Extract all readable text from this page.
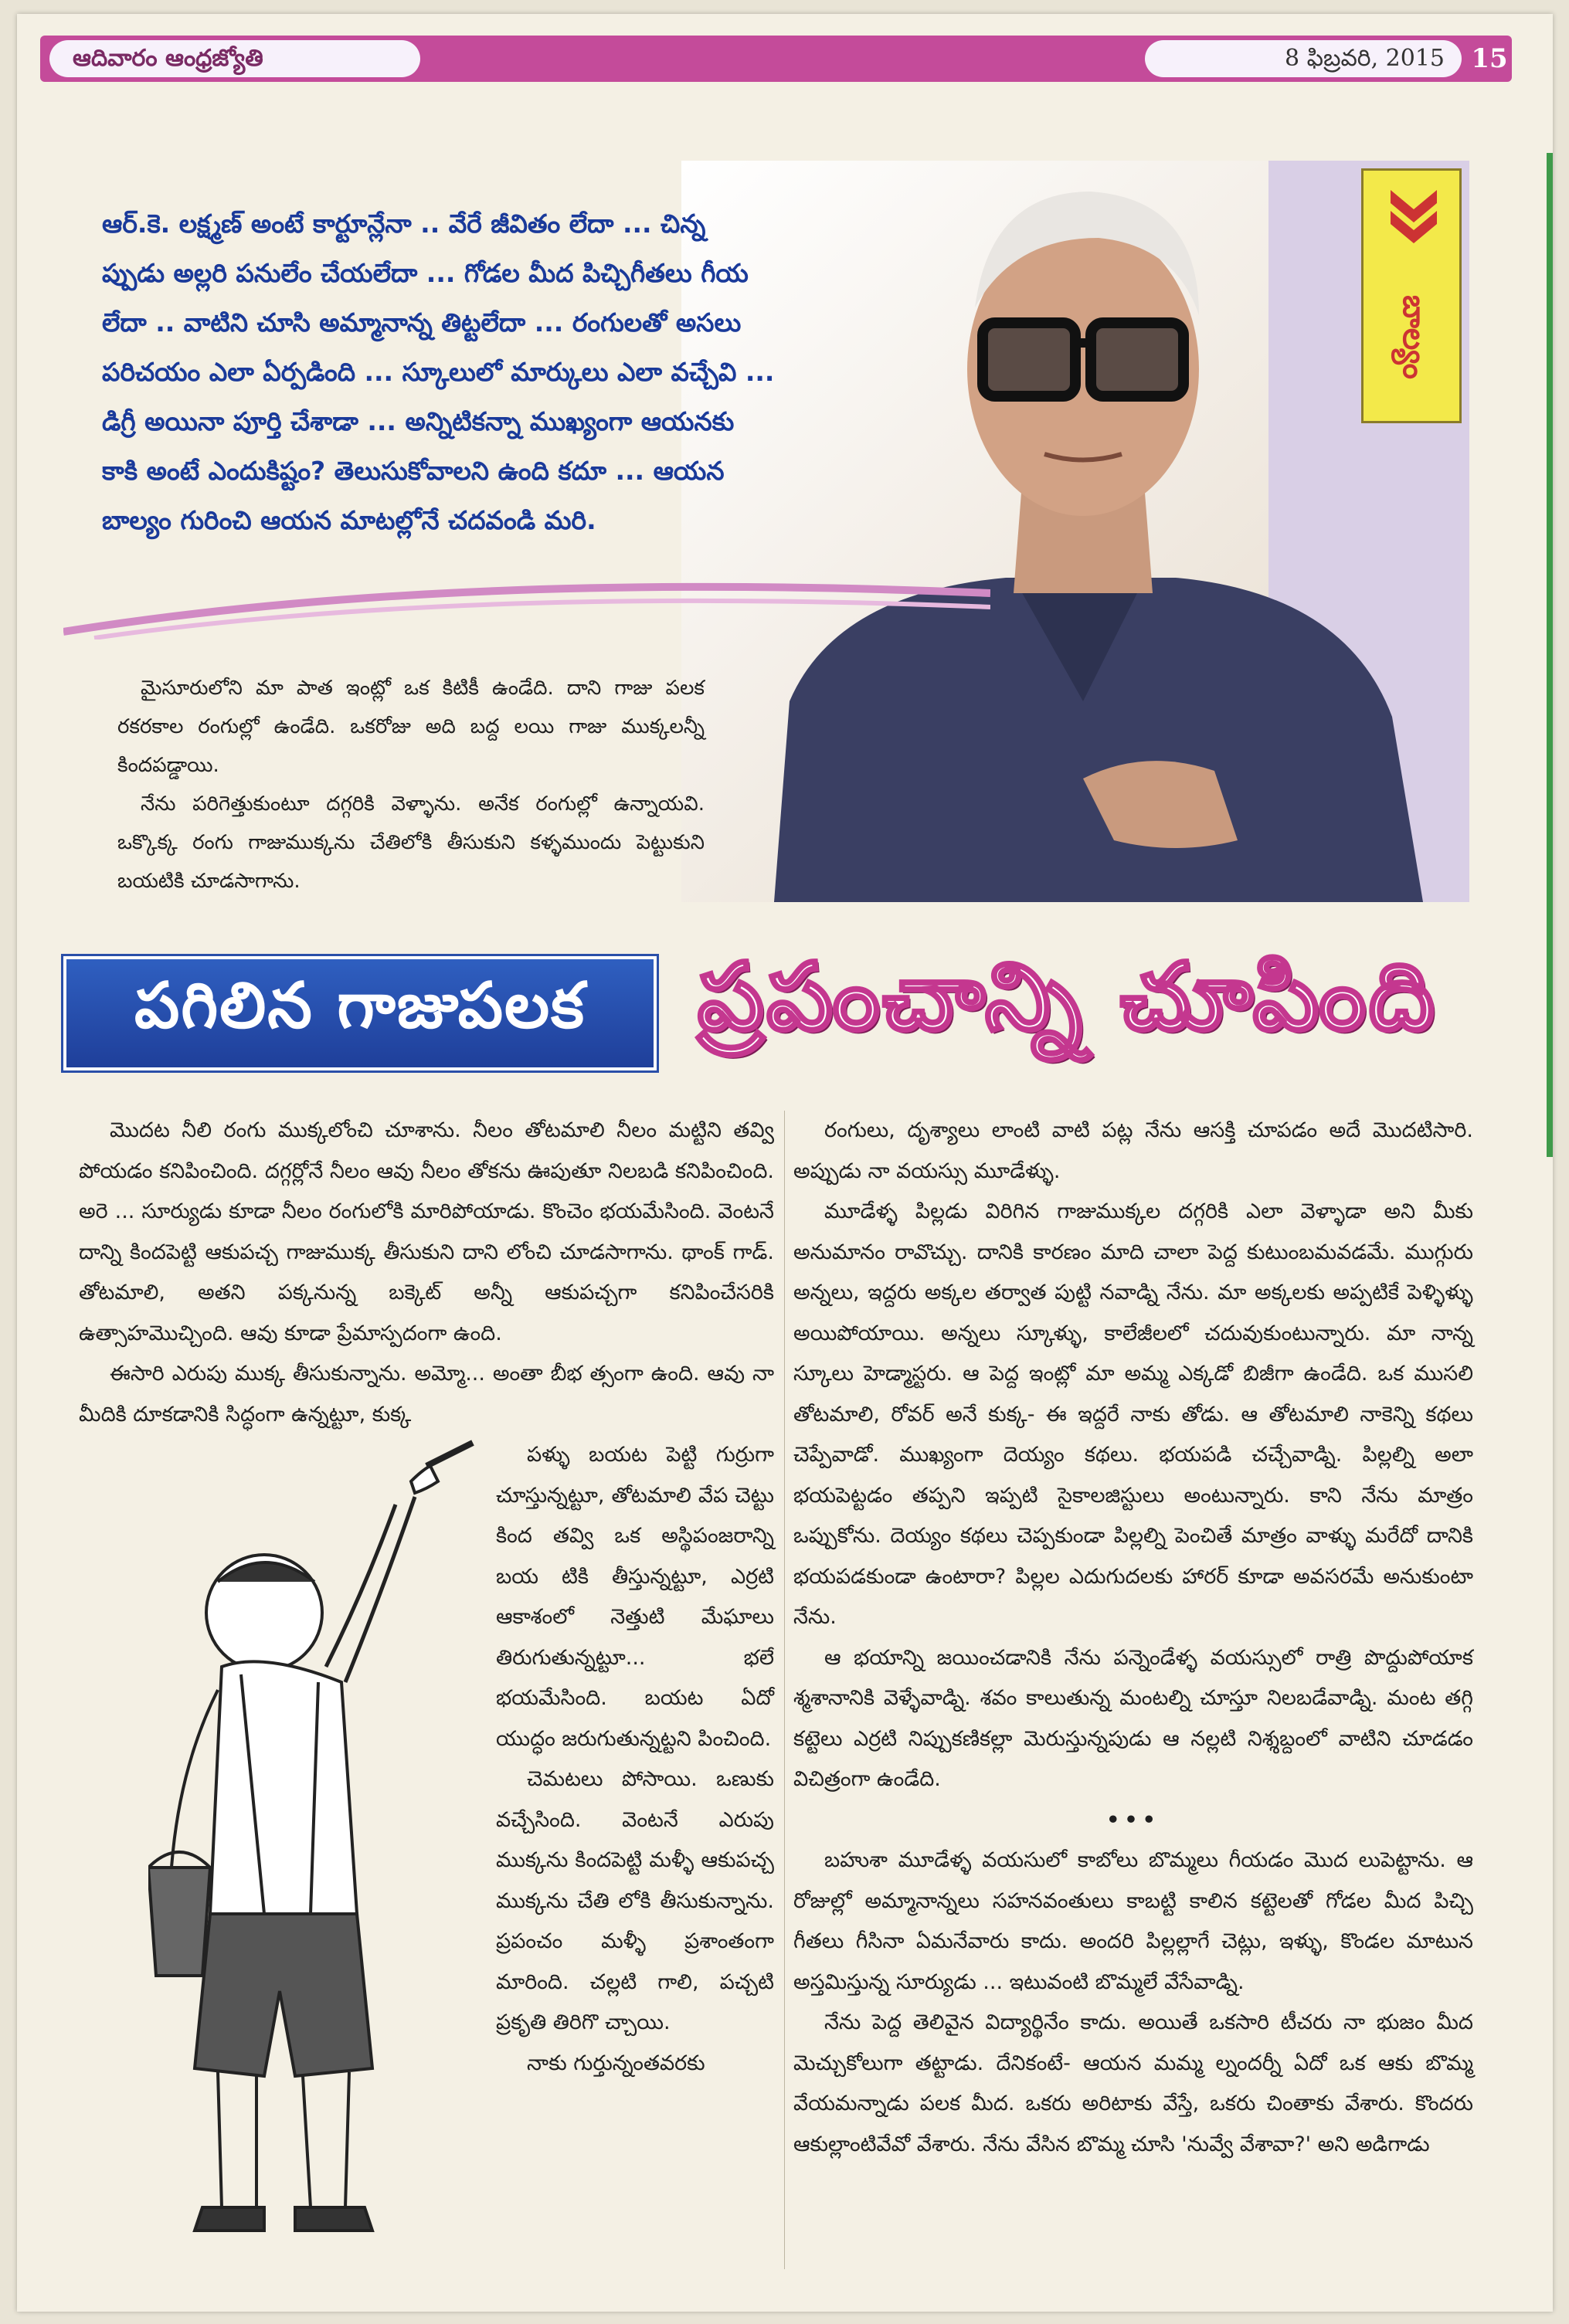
ఆదివారం ఆంధ్రజ్యోతి	8 ఫిబ్రవరి, 2015	15
బాల్యం

ఆర్.కె. లక్ష్మణ్ అంటే కార్టూన్లేనా .. వేరే జీవితం లేదా ... చిన్న

ప్పుడు అల్లరి పనులేం చేయలేదా ... గోడల మీద పిచ్చిగీతలు గీయ

లేదా .. వాటిని చూసి అమ్మానాన్న తిట్టలేదా ... రంగులతో అసలు

పరిచయం ఎలా ఏర్పడింది ... స్కూలులో మార్కులు ఎలా వచ్చేవి ...

డిగ్రీ అయినా పూర్తి చేశాడా ... అన్నిటికన్నా ముఖ్యంగా ఆయనకు

కాకి అంటే ఎందుకిష్టం? తెలుసుకోవాలని ఉంది కదూ ... ఆయన

బాల్యం గురించి ఆయన మాటల్లోనే చదవండి మరి.

మైసూరులోని మా పాత ఇంట్లో ఒక కిటికీ ఉండేది. దాని గాజు పలక రకరకాల రంగుల్లో ఉండేది. ఒకరోజు అది బద్ద లయి గాజు ముక్కలన్నీ కిందపడ్డాయి.

నేను పరిగెత్తుకుంటూ దగ్గరికి వెళ్ళాను. అనేక రంగుల్లో ఉన్నాయవి. ఒక్కొక్క రంగు గాజుముక్కను చేతిలోకి తీసుకుని కళ్ళముందు పెట్టుకుని బయటికి చూడసాగాను.

పగిలిన గాజుపలక ప్రపంచాన్ని చూపింది

మొదట నీలి రంగు ముక్కలోంచి చూశాను. నీలం తోటమాలి నీలం మట్టిని తవ్వి పోయడం కనిపించింది. దగ్గర్లోనే నీలం ఆవు నీలం తోకను ఊపుతూ నిలబడి కనిపించింది. అరె ... సూర్యుడు కూడా నీలం రంగులోకి మారిపోయాడు. కొంచెం భయమేసింది. వెంటనే దాన్ని కిందపెట్టి ఆకుపచ్చ గాజుముక్క తీసుకుని దాని లోంచి చూడసాగాను. థాంక్ గాడ్. తోటమాలి, అతని పక్కనున్న బక్కెట్ అన్నీ ఆకుపచ్చగా కనిపించేసరికి ఉత్సాహమొచ్చింది. ఆవు కూడా ప్రేమాస్పదంగా ఉంది.

ఈసారి ఎరుపు ముక్క తీసుకున్నాను. అమ్మో... అంతా బీభ త్సంగా ఉంది. ఆవు నా మీదికి దూకడానికి సిద్ధంగా ఉన్నట్టూ, కుక్క

పళ్ళు బయట పెట్టి గుర్రుగా చూస్తున్నట్టూ, తోటమాలి వేప చెట్టు కింద తవ్వి ఒక అస్థిపంజరాన్ని బయ టికి తీస్తున్నట్టూ, ఎర్రటి ఆకాశంలో నెత్తుటి మేఘాలు తిరుగుతున్నట్టూ... భలే భయమేసింది. బయట ఏదో యుద్ధం జరుగుతున్నట్టని పించింది.

చెమటలు పోసాయి. ఒణుకు వచ్చేసింది. వెంటనే ఎరుపు ముక్కను కిందపెట్టి మళ్ళీ ఆకుపచ్చ ముక్కను చేతి లోకి తీసుకున్నాను. ప్రపంచం మళ్ళీ ప్రశాంతంగా మారింది. చల్లటి గాలి, పచ్చటి ప్రకృతి తిరిగొ చ్చాయి.

నాకు గుర్తున్నంతవరకు

రంగులు, దృశ్యాలు లాంటి వాటి పట్ల నేను ఆసక్తి చూపడం అదే మొదటిసారి. అప్పుడు నా వయస్సు మూడేళ్ళు.

మూడేళ్ళ పిల్లడు విరిగిన గాజుముక్కల దగ్గరికి ఎలా వెళ్ళాడా అని మీకు అనుమానం రావొచ్చు. దానికి కారణం మాది చాలా పెద్ద కుటుంబమవడమే. ముగ్గురు అన్నలు, ఇద్దరు అక్కల తర్వాత పుట్టి నవాడ్ని నేను. మా అక్కలకు అప్పటికే పెళ్ళిళ్ళు అయిపోయాయి. అన్నలు స్కూళ్ళు, కాలేజీలలో చదువుకుంటున్నారు. మా నాన్న స్కూలు హెడ్మాస్టరు. ఆ పెద్ద ఇంట్లో మా అమ్మ ఎక్కడో బిజీగా ఉండేది. ఒక ముసలి తోటమాలి, రోవర్ అనే కుక్క- ఈ ఇద్దరే నాకు తోడు. ఆ తోటమాలి నాకెన్ని కథలు చెప్పేవాడో. ముఖ్యంగా దెయ్యం కథలు. భయపడి చచ్చేవాడ్ని. పిల్లల్ని అలా భయపెట్టడం తప్పని ఇప్పటి సైకాలజిస్టులు అంటున్నారు. కాని నేను మాత్రం ఒప్పుకోను. దెయ్యం కథలు చెప్పకుండా పిల్లల్ని పెంచితే మాత్రం వాళ్ళు మరేదో దానికి భయపడకుండా ఉంటారా? పిల్లల ఎదుగుదలకు హారర్ కూడా అవసరమే అనుకుంటా నేను.

ఆ భయాన్ని జయించడానికి నేను పన్నెండేళ్ళ వయస్సులో రాత్రి పొద్దుపోయాక శ్మశానానికి వెళ్ళేవాడ్ని. శవం కాలుతున్న మంటల్ని చూస్తూ నిలబడేవాడ్ని. మంట తగ్గి కట్టెలు ఎర్రటి నిప్పుకణికల్లా మెరుస్తున్నపుడు ఆ నల్లటి నిశ్శబ్దంలో వాటిని చూడడం విచిత్రంగా ఉండేది.

•••

బహుశా మూడేళ్ళ వయసులో కాబోలు బొమ్మలు గీయడం మొద లుపెట్టాను. ఆ రోజుల్లో అమ్మానాన్నలు సహనవంతులు కాబట్టి కాలిన కట్టెలతో గోడల మీద పిచ్చి గీతలు గీసినా ఏమనేవారు కాదు. అందరి పిల్లల్లాగే చెట్లు, ఇళ్ళు, కొండల మాటున అస్తమిస్తున్న సూర్యుడు ... ఇటువంటి బొమ్మలే వేసేవాడ్ని.

నేను పెద్ద తెలివైన విద్యార్థినేం కాదు. అయితే ఒకసారి టీచరు నా భుజం మీద మెచ్చుకోలుగా తట్టాడు. దేనికంటే- ఆయన మమ్మ ల్నందర్నీ ఏదో ఒక ఆకు బొమ్మ వేయమన్నాడు పలక మీద. ఒకరు అరిటాకు వేస్తే, ఒకరు చింతాకు వేశారు. కొందరు ఆకుల్లాంటివేవో వేశారు. నేను వేసిన బొమ్మ చూసి 'నువ్వే వేశావా?' అని అడిగాడు
